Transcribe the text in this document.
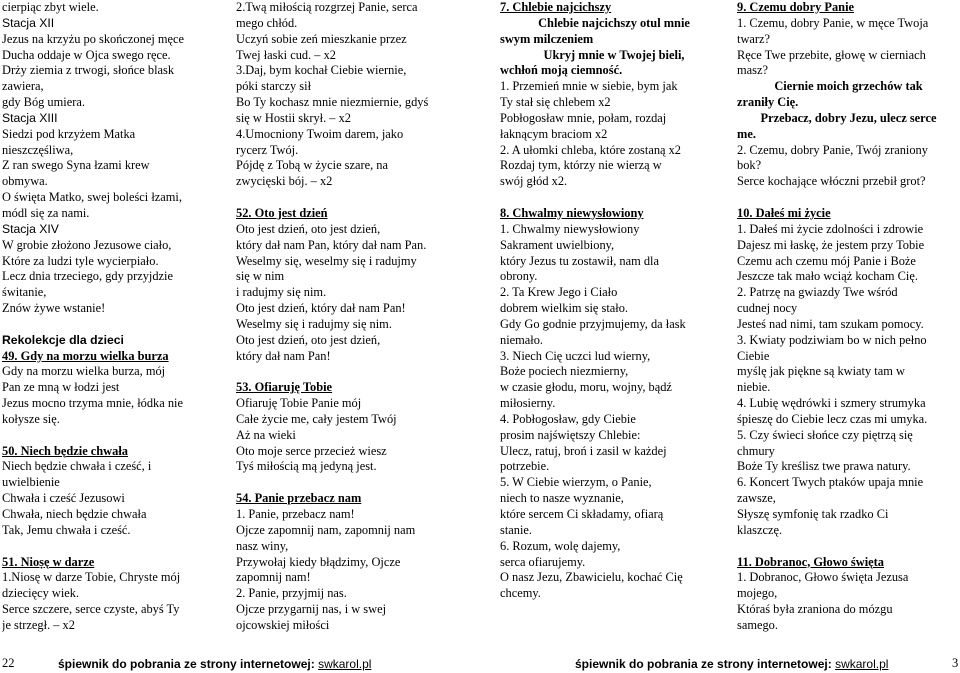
cierpiąc zbyt wiele.
Stacja XII
Jezus na krzyżu po skończonej męce
Ducha oddaje w Ojca swego ręce.
Drży ziemia z trwogi, słońce blask
zawiera,
gdy Bóg umiera.
Stacja XIII
Siedzi pod krzyżem Matka
nieszczęśliwa,
Z ran swego Syna łzami krew
obmywa.
O święta Matko, swej boleści łzami,
módl się za nami.
Stacja XIV
W grobie złożono Jezusowe ciało,
Które za ludzi tyle wycierpiało.
Lecz dnia trzeciego, gdy przyjdzie
świtanie,
Znów żywe wstanie!
Rekolekcje dla dzieci
49. Gdy na morzu wielka burza
Gdy na morzu wielka burza, mój
Pan ze mną w łodzi jest
Jezus mocno trzyma mnie, łódka nie
kołysze się.
50. Niech będzie chwała
Niech będzie chwała i cześć, i
uwielbienie
Chwała i cześć Jezusowi
Chwała, niech będzie chwała
Tak, Jemu chwała i cześć.
51. Nioṣę w darze
1.Niosę w darze Tobie, Chryste mój
dziecięcy wiek.
Serce szczere, serce czyste, abyś Ty
je strzegł. – x2
2.Twą miłością rozgrzej Panie, serca
mego chłód.
Uczyń sobie zeń mieszkanie przez
Twej łaski cud. – x2
3.Daj, bym kochał Ciebie wiernie,
póki starczy sił
Bo Ty kochasz mnie niezmiernie, gdyś
się w Hostii skrył. – x2
4.Umocniony Twoim darem, jako
rycerz Twój.
Pójdę z Tobą w życie szare, na
zwycięski bój. – x2
52. Oto jest dzień
Oto jest dzień, oto jest dzień,
który dał nam Pan, który dał nam Pan.
Weselmy się, weselmy się i radujmy
się w nim
i radujmy się nim.
Oto jest dzień, który dał nam Pan!
Weselmy się i radujmy się nim.
Oto jest dzień, oto jest dzień,
który dał nam Pan!
53. Ofiaruję Tobie
Ofiaruję Tobie Panie mój
Całe życie me, cały jestem Twój
Aż na wieki
Oto moje serce przecież wiesz
Tyś miłością mą jedyną jest.
54. Panie przebacz nam
1. Panie, przebacz nam!
Ojcze zapomnij nam, zapomnij nam
nasz winy,
Przywołaj kiedy błądzimy, Ojcze
zapomnij nam!
2. Panie, przyjmij nas.
Ojcze przygarnij nas, i w swej
ojcowskiej miłości
7. Chlebie najcichszy
Chlebie najcichszy otul mnie
swym milczeniem
Ukryj mnie w Twojej bieli,
wchłoń moją ciemność.
1. Przemień mnie w siebie, bym jak
Ty stał się chlebem x2
Pobłogosław mnie, połam, rozdaj
łaknącym braciom x2
2. A ułomki chleba, które zostaną x2
Rozdaj tym, którzy nie wierzą w
swój głód x2.
8. Chwalmy niewysłowiony
1. Chwalmy niewysłowiony
Sakrament uwielbiony,
który Jezus tu zostawił, nam dla
obrony.
2. Ta Krew Jego i Ciało
dobrem wielkim się stało.
Gdy Go godnie przyjmujemy, da łask
niemało.
3. Niech Cię uczci lud wierny,
Boże pociech niezmierny,
w czasie głodu, moru, wojny, bądź
miłosierny.
4. Pobłogosław, gdy Ciebie
prosim najświętszy Chlebie:
Ulecz, ratuj, broń i zasil w każdej
potrzebie.
5. W Ciebie wierzym, o Panie,
niech to nasze wyznanie,
które sercem Ci składamy, ofiarą
stanie.
6. Rozum, wolę dajemy,
serca ofiarujemy.
O nasz Jezu, Zbawicielu, kochać Cię
chcemy.
9. Czemu dobry Panie
1. Czemu, dobry Panie, w męce Twoja
twarz?
Ręce Twe przebite, głowę w cierniach
masz?
Ciernie moich grzechów tak
zraniły Cię.
Przebacz, dobry Jezu, ulecz serce
me.
2. Czemu, dobry Panie, Twój zraniony
bok?
Serce kochające włóczni przebił grot?
10. Dałeś mi życie
1. Dałeś mi życie zdolności i zdrowie
Dajesz mi łaskę, że jestem przy Tobie
Czemu ach czemu mój Panie i Boże
Jeszcze tak mało wciąż kocham Cię.
2. Patrzę na gwiazdy Twe wśród
cudnej nocy
Jesteś nad nimi, tam szukam pomocy.
3. Kwiaty podziwiam bo w nich pełno
Ciebie
myślę jak piękne są kwiaty tam w
niebie.
4. Lubię wędrówki i szmery strumyka
śpieszę do Ciebie lecz czas mi umyka.
5. Czy świeci słońce czy piętrzą się
chmury
Boże Ty kreślisz twe prawa natury.
6. Koncert Twych ptaków upaja mnie
zawsze,
Słyszę symfonię tak rzadko Ci
klaszczę.
11. Dobranoc, Głowo święta
1. Dobranoc, Głowo święta Jezusa
mojego,
Któraś była zraniona do mózgu
samego.
22	śpiewnik do pobrania ze strony internetowej: swkarol.pl	śpiewnik do pobrania ze strony internetowej: swkarol.pl	3
